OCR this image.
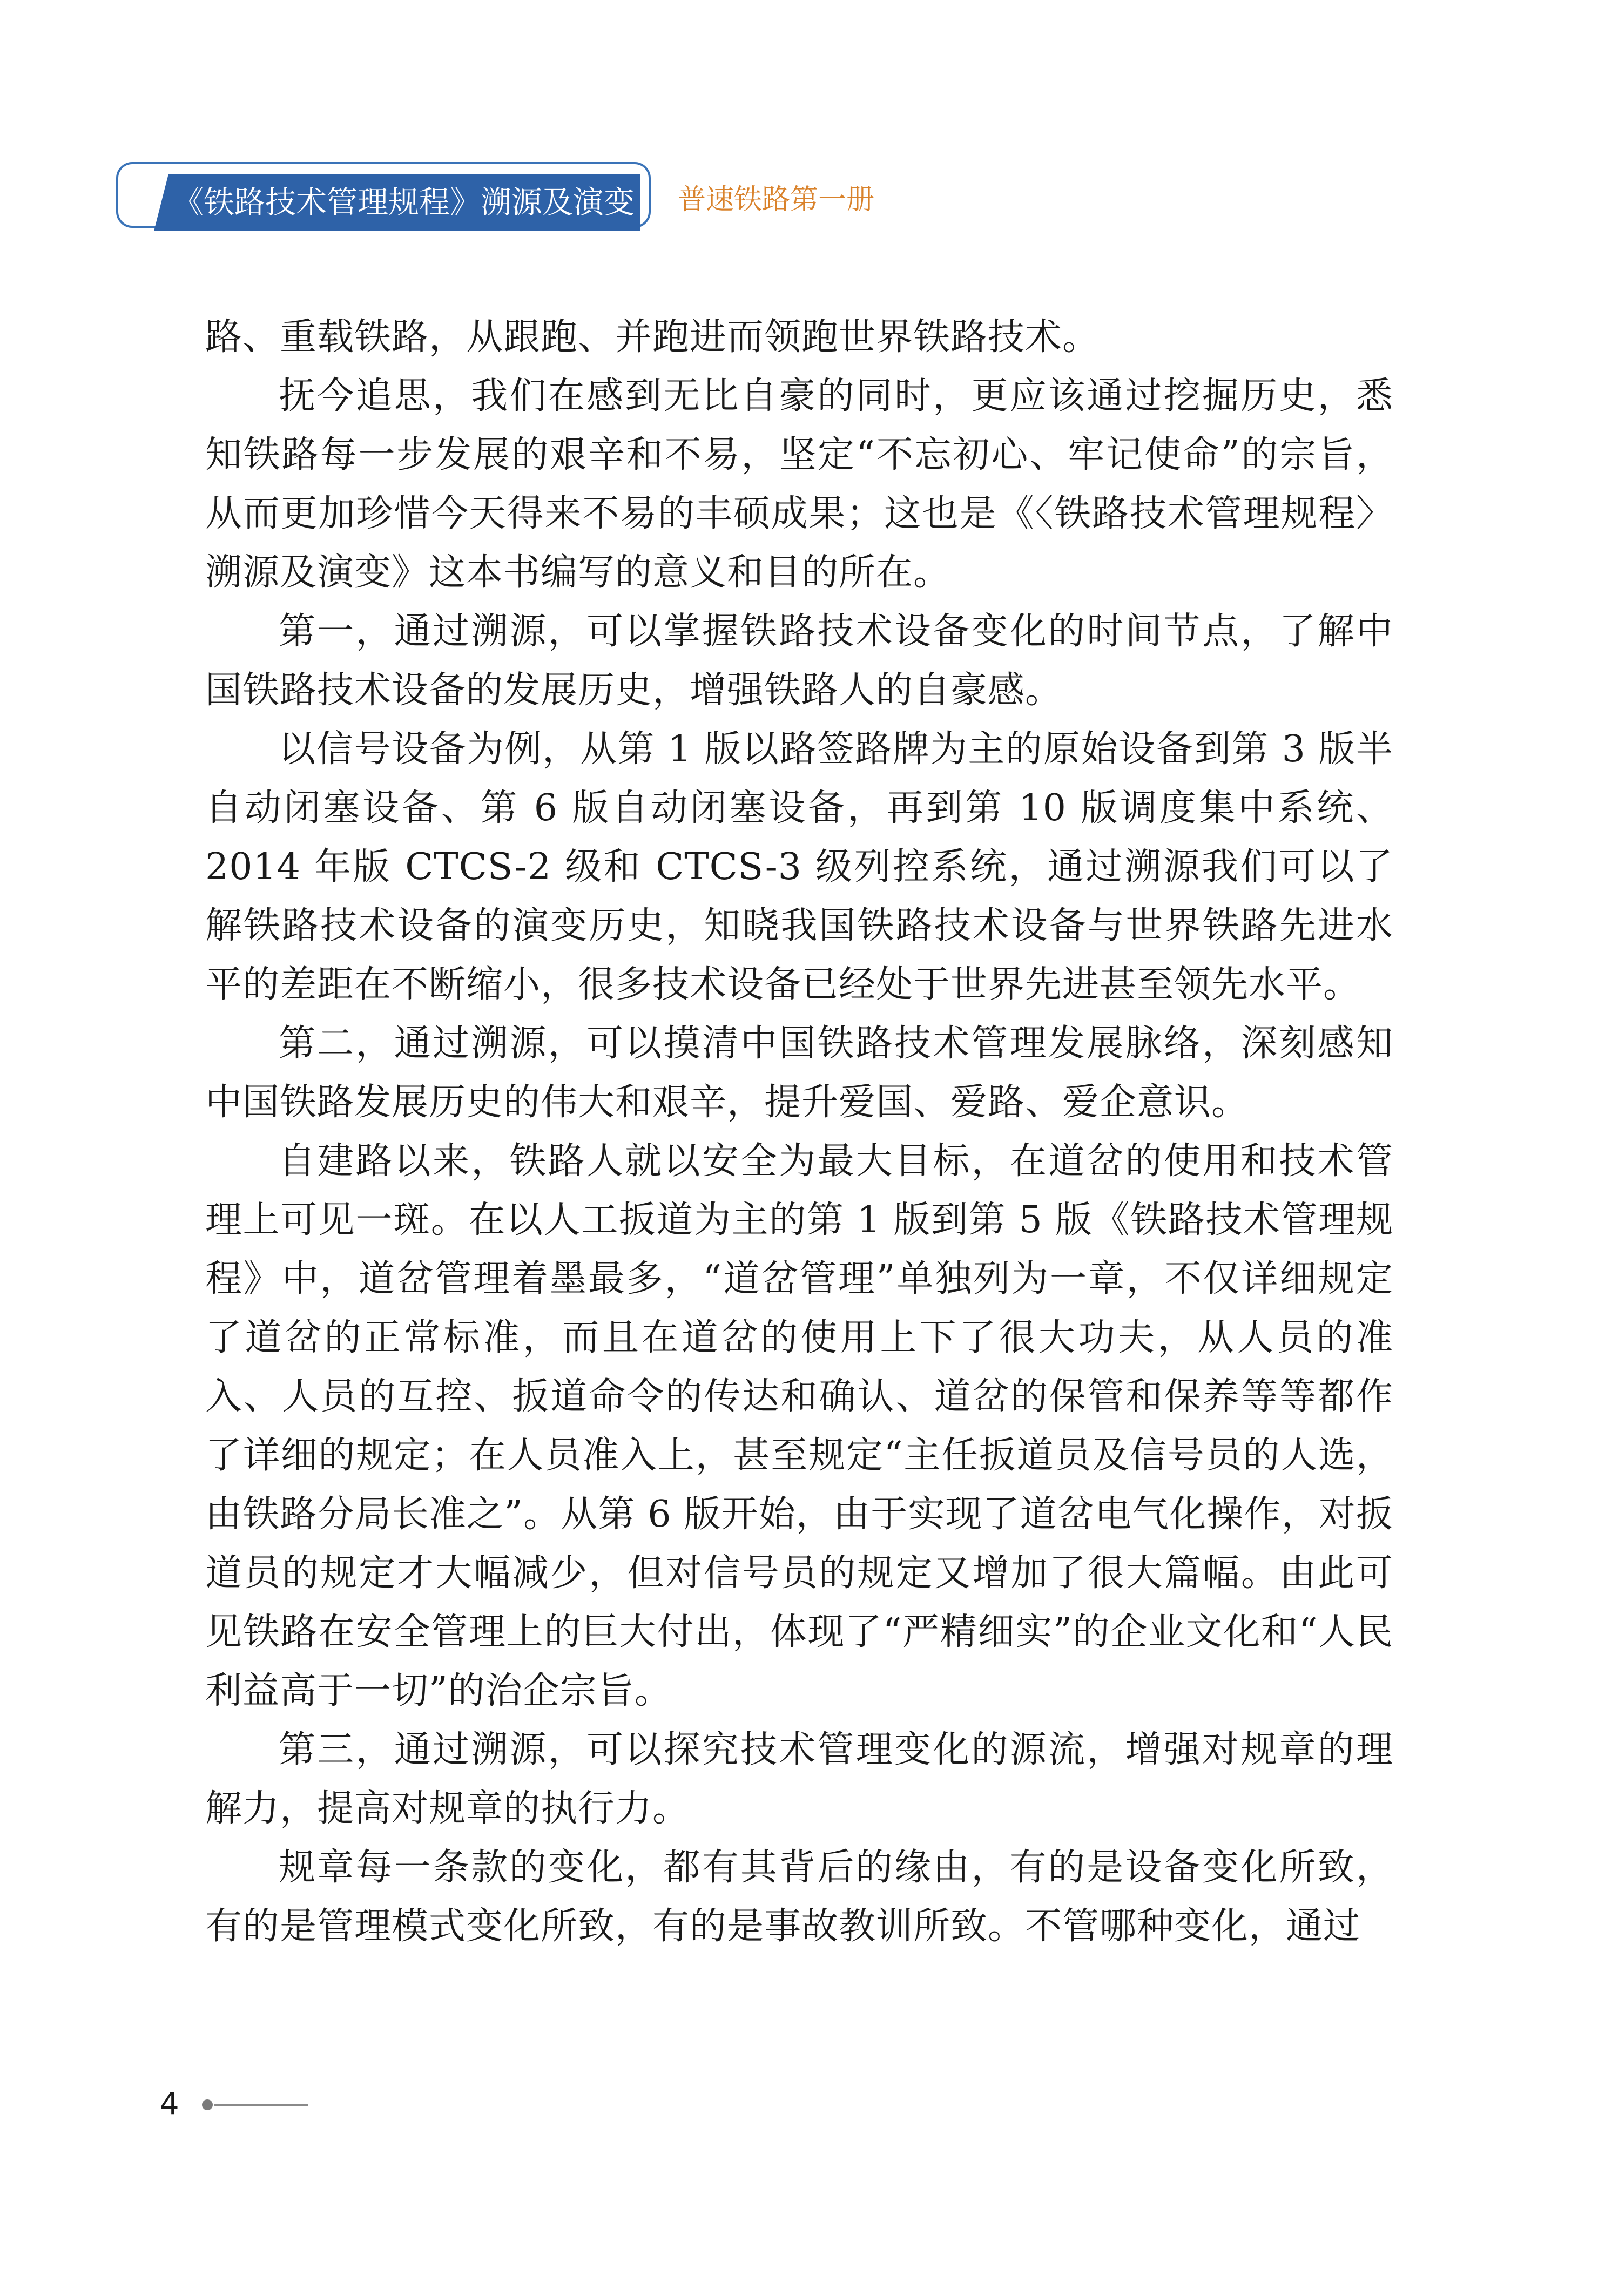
《铁路技术管理规程》溯源及演变 普速铁路第一册

路、重载铁路，从跟跑、并跑进而领跑世界铁路技术。

抚今追思，我们在感到无比自豪的同时，更应该通过挖掘历史，悉知铁路每一步发展的艰辛和不易，坚定“不忘初心、牢记使命”的宗旨，从而更加珍惜今天得来不易的丰硕成果；这也是《〈铁路技术管理规程〉溯源及演变》这本书编写的意义和目的所在。

第一，通过溯源，可以掌握铁路技术设备变化的时间节点，了解中国铁路技术设备的发展历史，增强铁路人的自豪感。

以信号设备为例，从第 1 版以路签路牌为主的原始设备到第 3 版半自动闭塞设备、第 6 版自动闭塞设备，再到第 10 版调度集中系统、2014 年版 CTCS-2 级和 CTCS-3 级列控系统，通过溯源我们可以了解铁路技术设备的演变历史，知晓我国铁路技术设备与世界铁路先进水平的差距在不断缩小，很多技术设备已经处于世界先进甚至领先水平。

第二，通过溯源，可以摸清中国铁路技术管理发展脉络，深刻感知中国铁路发展历史的伟大和艰辛，提升爱国、爱路、爱企意识。

自建路以来，铁路人就以安全为最大目标，在道岔的使用和技术管理上可见一斑。在以人工扳道为主的第 1 版到第 5 版《铁路技术管理规程》中，道岔管理着墨最多，“道岔管理”单独列为一章，不仅详细规定了道岔的正常标准，而且在道岔的使用上下了很大功夫，从人员的准入、人员的互控、扳道命令的传达和确认、道岔的保管和保养等等都作了详细的规定；在人员准入上，甚至规定“主任扳道员及信号员的人选，由铁路分局长准之”。从第 6 版开始，由于实现了道岔电气化操作，对扳道员的规定才大幅减少，但对信号员的规定又增加了很大篇幅。由此可见铁路在安全管理上的巨大付出，体现了“严精细实”的企业文化和“人民利益高于一切”的治企宗旨。

第三，通过溯源，可以探究技术管理变化的源流，增强对规章的理解力，提高对规章的执行力。

规章每一条款的变化，都有其背后的缘由，有的是设备变化所致，有的是管理模式变化所致，有的是事故教训所致。不管哪种变化，通过

4
